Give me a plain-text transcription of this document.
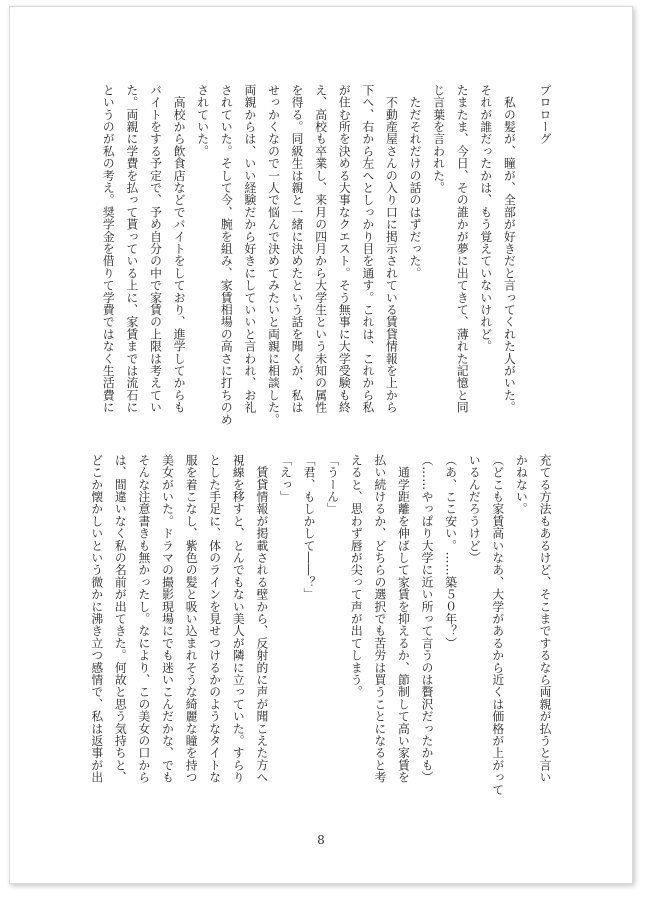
プロローグ
　私の髪が、瞳が、全部が好きだと言ってくれた人がいた。
それが誰だったかは、もう覚えていないけれど。
たまたま、今日、その誰かが夢に出てきて、薄れた記憶と同
じ言葉を言われた。
　ただそれだけの話のはずだった。
　不動産屋さんの入り口に掲示されている賃貸情報を上から
下へ、右から左へとしっかり目を通す。これは、これから私
が住む所を決める大事なクエスト。そう無事に大学受験も終
え、高校も卒業し、来月の四月から大学生という未知の属性
を得る。同級生は親と一緒に決めたという話を聞くが、私は
せっかくなので一人で悩んで決めてみたいと両親に相談した。
両親からは、いい経験だから好きにしていいと言われ、お礼
されていた。そして今、腕を組み、家賃相場の高さに打ちのめ
されていた。
　高校から飲食店などでバイトをしており、進学してからも
バイトをする予定で、予め自分の中で家賃の上限は考えてい
た。両親に学費を払って貰っている上に、家賃までは流石に
というのが私の考え。奨学金を借りて学費ではなく生活費に
充てる方法もあるけど、そこまでするなら両親が払うと言い
かねない。
（どこも家賃高いなあ、大学があるから近くは価格が上がって
いるんだろうけど）
（あ、ここ安い。……築５０年？）
（……やっぱり大学に近い所って言うのは贅沢だったかも）
　通学距離を伸ばして家賃を抑えるか、節制して高い家賃を
払い続けるか、どちらの選択でも苦労は買うことになると考
えると、思わず唇が尖って声が出てしまう。
「うーん」
「君、もしかして――？」
「えっ」
　賃貸情報が掲載される壁から、反射的に声が聞こえた方へ
視線を移すと、とんでもない美人が隣に立っていた。すらり
とした手足に、体のラインを見せつけるかのようなタイトな
服を着こなし、紫色の髪と吸い込まれそうな綺麗な瞳を持つ
美女がいた。ドラマの撮影現場にでも迷いこんだかな、でも
そんな注意書きも無かったし。なにより、この美女の口から
は、間違いなく私の名前が出てきた。何故と思う気持ちと、
どこか懐かしいという微かに沸き立つ感情で、私は返事が出
8
